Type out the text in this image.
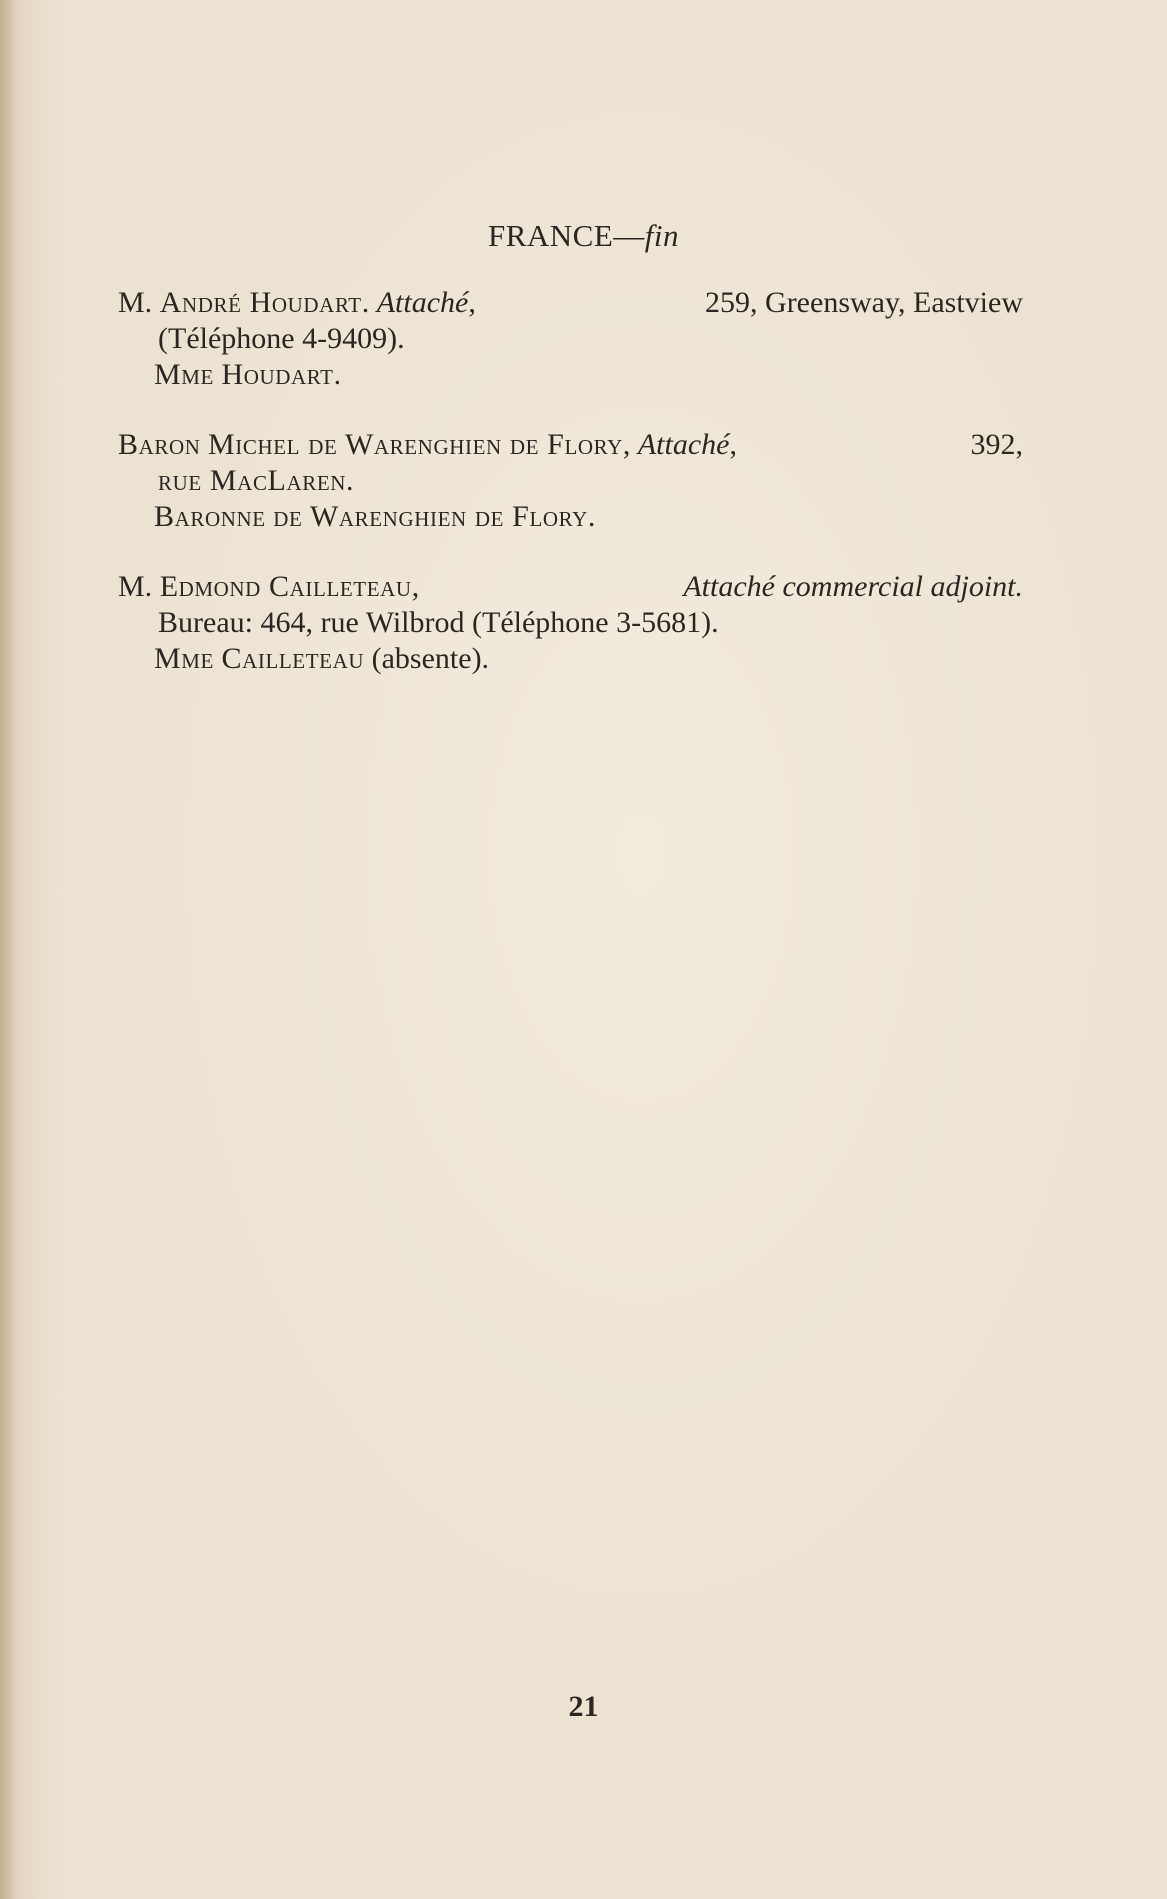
FRANCE—fin
M. André Houdart. Attaché,	259, Greensway, Eastview
(Téléphone 4-9409).
Mme Houdart.
Baron Michel de Warenghien de Flory, Attaché,	392,
rue MacLaren.
Baronne de Warenghien de Flory.
M. Edmond Cailleteau,	Attaché commercial adjoint.
Bureau: 464, rue Wilbrod (Téléphone 3-5681).
Mme Cailleteau (absente).
21
